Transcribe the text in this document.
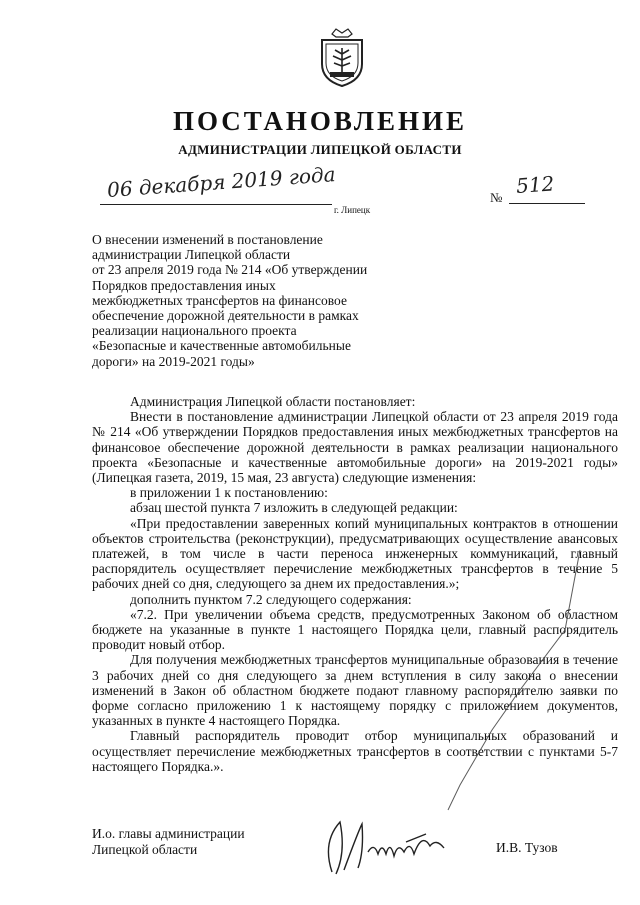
ПОСТАНОВЛЕНИЕ
АДМИНИСТРАЦИИ ЛИПЕЦКОЙ ОБЛАСТИ
06 декабря 2019 года
г. Липецк
№ 512
О внесении изменений в постановление
администрации Липецкой области
от 23 апреля 2019 года № 214 «Об утверждении
Порядков предоставления иных
межбюджетных трансфертов на финансовое
обеспечение дорожной деятельности в рамках
реализации национального проекта
«Безопасные и качественные автомобильные
дороги» на 2019-2021 годы»
Администрация Липецкой области постановляет:
Внести в постановление администрации Липецкой области от 23 апреля 2019 года № 214 «Об утверждении Порядков предоставления иных межбюджетных трансфертов на финансовое обеспечение дорожной деятельности в рамках реализации национального проекта «Безопасные и качественные автомобильные дороги» на 2019-2021 годы» (Липецкая газета, 2019, 15 мая, 23 августа) следующие изменения:
в приложении 1 к постановлению:
абзац шестой пункта 7 изложить в следующей редакции:
«При предоставлении заверенных копий муниципальных контрактов в отношении объектов строительства (реконструкции), предусматривающих осуществление авансовых платежей, в том числе в части переноса инженерных коммуникаций, главный распорядитель осуществляет перечисление межбюджетных трансфертов в течение 5 рабочих дней со дня, следующего за днем их предоставления.»;
дополнить пунктом 7.2 следующего содержания:
«7.2. При увеличении объема средств, предусмотренных Законом об областном бюджете на указанные в пункте 1 настоящего Порядка цели, главный распорядитель проводит новый отбор.
Для получения межбюджетных трансфертов муниципальные образования в течение 3 рабочих дней со дня следующего за днем вступления в силу закона о внесении изменений в Закон об областном бюджете подают главному распорядителю заявки по форме согласно приложению 1 к настоящему порядку с приложением документов, указанных в пункте 4 настоящего Порядка.
Главный распорядитель проводит отбор муниципальных образований и осуществляет перечисление межбюджетных трансфертов в соответствии с пунктами 5-7 настоящего Порядка.».
И.о. главы администрации
Липецкой области	И.В. Тузов
